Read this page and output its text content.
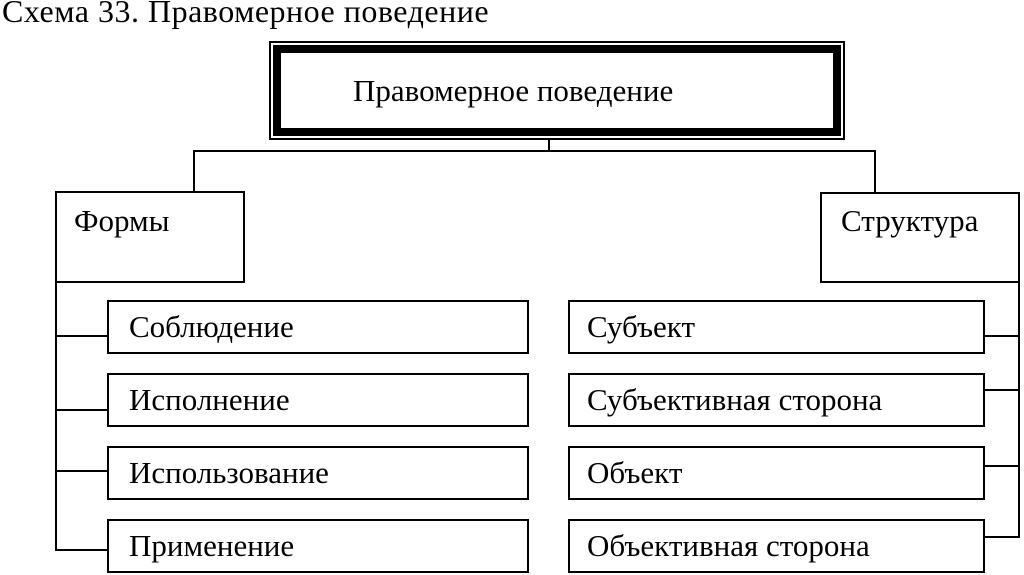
Схема 33. Правомерное поведение
Правомерное поведение
Формы
Соблюдение
Исполнение
Использование
Применение
Структура
Субъект
Субъективная сторона
Объект
Объективная сторона
